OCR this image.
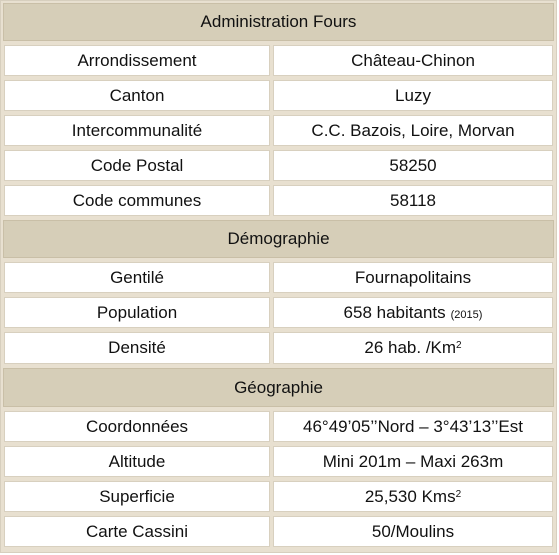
Administration Fours
Arrondissement	Château-Chinon
Canton	Luzy
Intercommunalité	C.C. Bazois, Loire, Morvan
Code Postal	58250
Code communes	58118
Démographie
Gentilé	Fournapolitains
Population	658 habitants (2015)
Densité	26 hab. /Km$^2$
Géographie
Coordonnées	46°49’05’’Nord – 3°43’13’’Est
Altitude	Mini 201m – Maxi 263m
Superficie	25,530 Kms$^2$
Carte Cassini	50/Moulins
